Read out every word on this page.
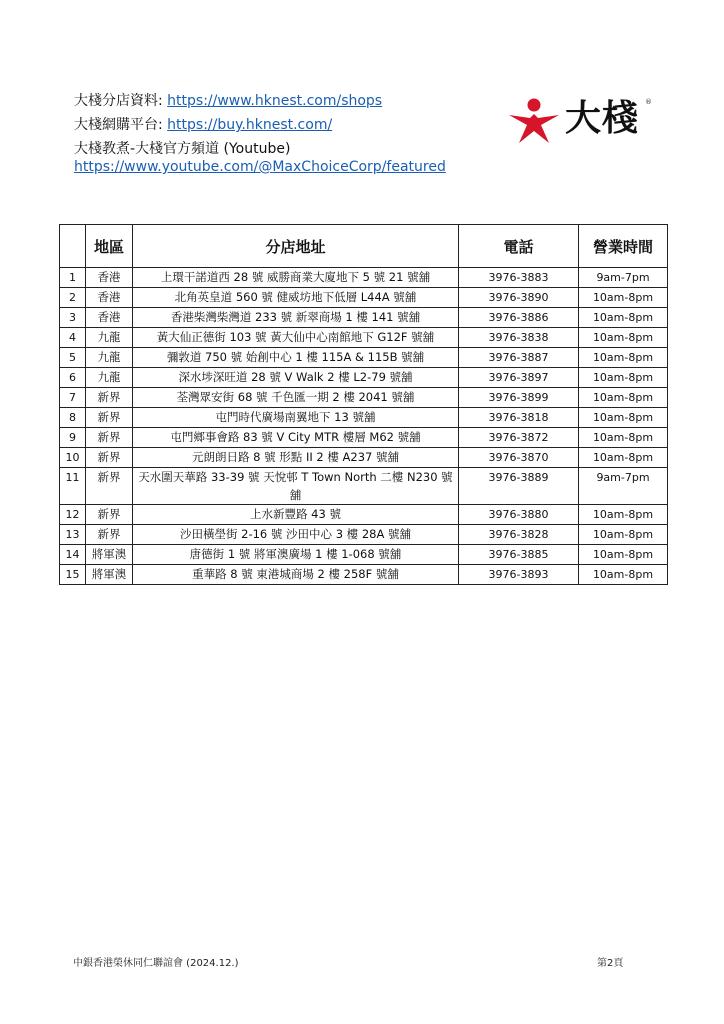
大棧分店資料: https://www.hknest.com/shops
大棧網購平台: https://buy.hknest.com/
大棧教煮-大棧官方頻道 (Youtube)
https://www.youtube.com/@MaxChoiceCorp/featured
大棧 ®
	地區	分店地址	電話	營業時間
1	香港	上環干諾道西 28 號 威勝商業大廈地下 5 號 21 號舖	3976-3883	9am-7pm
2	香港	北角英皇道 560 號 健威坊地下低層 L44A 號舖	3976-3890	10am-8pm
3	香港	香港柴灣柴灣道 233 號 新翠商場 1 樓 141 號舖	3976-3886	10am-8pm
4	九龍	黃大仙正德街 103 號 黃大仙中心南館地下 G12F 號舖	3976-3838	10am-8pm
5	九龍	彌敦道 750 號 始創中心 1 樓 115A & 115B 號舖	3976-3887	10am-8pm
6	九龍	深水埗深旺道 28 號 V Walk 2 樓 L2-79 號舖	3976-3897	10am-8pm
7	新界	荃灣眾安街 68 號 千色匯一期 2 樓 2041 號舖	3976-3899	10am-8pm
8	新界	屯門時代廣場南翼地下 13 號舖	3976-3818	10am-8pm
9	新界	屯門鄉事會路 83 號 V City MTR 樓層 M62 號舖	3976-3872	10am-8pm
10	新界	元朗朗日路 8 號 形點 II 2 樓 A237 號舖	3976-3870	10am-8pm
11	新界	天水圍天華路 33-39 號 天悅邨 T Town North 二樓 N230 號舖	3976-3889	9am-7pm
12	新界	上水新豐路 43 號	3976-3880	10am-8pm
13	新界	沙田橫壆街 2-16 號 沙田中心 3 樓 28A 號舖	3976-3828	10am-8pm
14	將軍澳	唐德街 1 號 將軍澳廣場 1 樓 1-068 號舖	3976-3885	10am-8pm
15	將軍澳	重華路 8 號 東港城商場 2 樓 258F 號舖	3976-3893	10am-8pm
中銀香港榮休同仁聯誼會 (2024.12.)	第2頁
